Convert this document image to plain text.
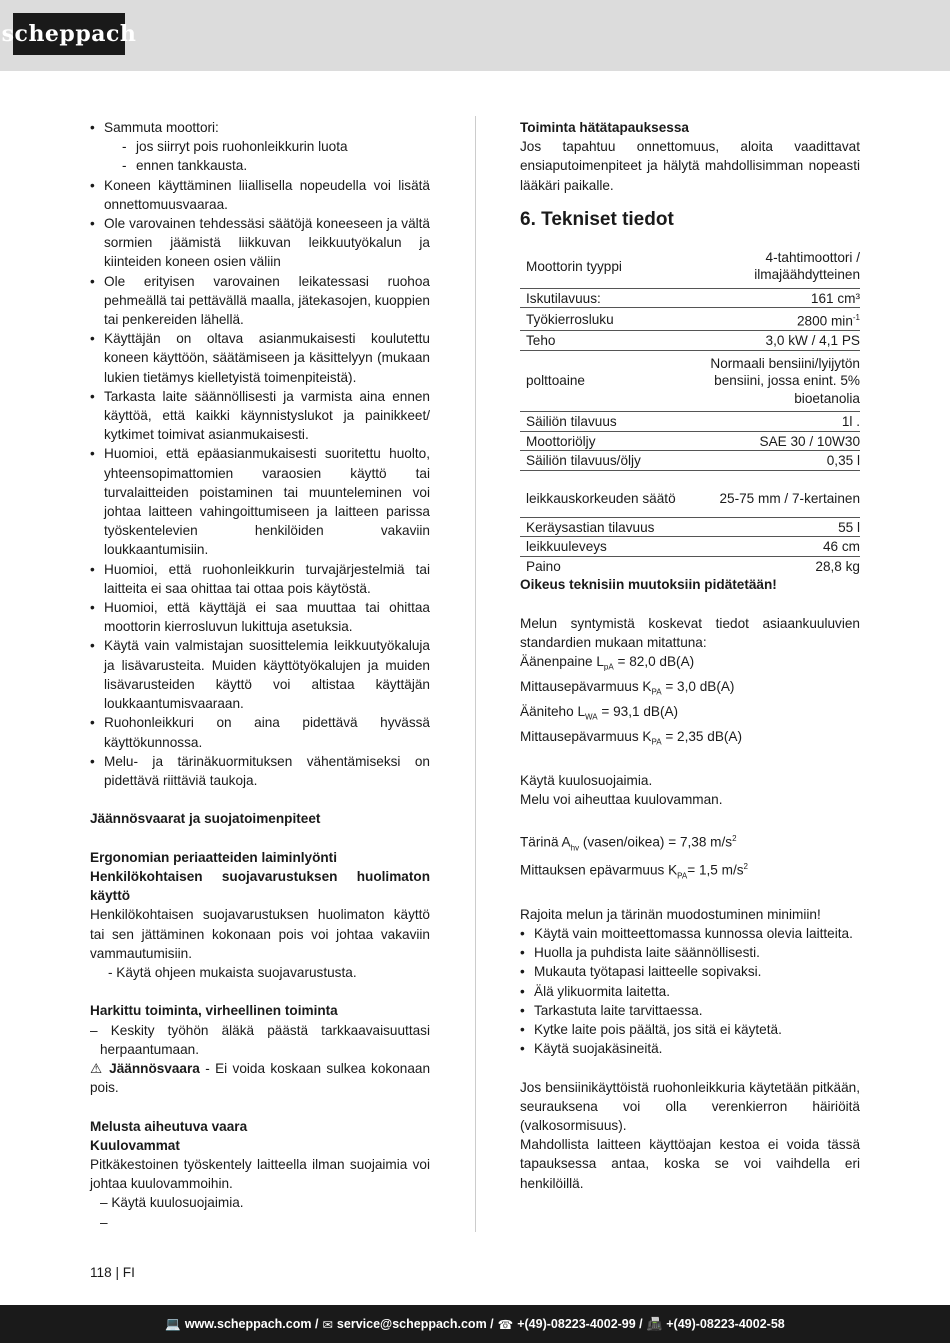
scheppach
• Sammuta moottori:
- jos siirryt pois ruohonleikkurin luota
- ennen tankkausta.
• Koneen käyttäminen liiallisella nopeudella voi lisätä onnettomuusvaaraa.
• Ole varovainen tehdessäsi säätöjä koneeseen ja vältä sormien jäämistä liikkuvan leikkuutyökalun ja kiinteiden koneen osien väliin
• Ole erityisen varovainen leikatessasi ruohoa pehmeällä tai pettävällä maalla, jätekasojen, kuoppien tai penkereiden lähellä.
• Käyttäjän on oltava asianmukaisesti koulutettu koneen käyttöön, säätämiseen ja käsittelyyn (mukaan lukien tietämys kielletyistä toimenpiteistä).
• Tarkasta laite säännöllisesti ja varmista aina ennen käyttöä, että kaikki käynnistyslukot ja painikkeet/ kytkimet toimivat asianmukaisesti.
• Huomioi, että epäasianmukaisesti suoritettu huolto, yhteensopimattomien varaosien käyttö tai turvalaitteiden poistaminen tai muunteleminen voi johtaa laitteen vahingoittumiseen ja laitteen parissa työskentelevien henkilöiden vakaviin loukkaantumisiin.
• Huomioi, että ruohonleikkurin turvajärjestelmiä tai laitteita ei saa ohittaa tai ottaa pois käytöstä.
• Huomioi, että käyttäjä ei saa muuttaa tai ohittaa moottorin kierrosluvun lukittuja asetuksia.
• Käytä vain valmistajan suosittelemia leikkuutyökaluja ja lisävarusteita. Muiden käyttötyökalujen ja muiden lisävarusteiden käyttö voi altistaa käyttäjän loukkaantumisvaaraan.
• Ruohonleikkuri on aina pidettävä hyvässä käyttökunnossa.
• Melu- ja tärinäkuormituksen vähentämiseksi on pidettävä riittäviä taukoja.

Jäännösvaarat ja suojatoimenpiteet

Ergonomian periaatteiden laiminlyönti

Henkilökohtaisen suojavarustuksen huolimaton käyttö

Henkilökohtaisen suojavarustuksen huolimaton käyttö tai sen jättäminen kokonaan pois voi johtaa vakaviin vammautumisiin.

- Käytä ohjeen mukaista suojavarustusta.

Harkittu toiminta, virheellinen toiminta

– Keskity työhön äläkä päästä tarkkaavaisuuttasi herpaantumaan.

⚠ Jäännösvaara - Ei voida koskaan sulkea kokonaan pois.

Melusta aiheutuva vaara

Kuulovammat

Pitkäkestoinen työskentely laitteella ilman suojaimia voi johtaa kuulovammoihin.

– Käytä kuulosuojaimia.

–

Toiminta hätätapauksessa

Jos tapahtuu onnettomuus, aloita vaadittavat ensiaputoimenpiteet ja hälytä mahdollisimman nopeasti lääkäri paikalle.

6. Tekniset tiedot
Moottorin tyyppi	4-tahtimoottori / ilmajäähdytteinen
Iskutilavuus:	161 cm³
Työkierrosluku	2800 $\min^{-1}$
Teho	3,0 kW / 4,1 PS
polttoaine	Normaali bensiini/lyijytön bensiini, jossa enint. 5% bioetanolia
Säiliön tilavuus	1l .
Moottoriöljy	SAE 30 / 10W30
Säiliön tilavuus/öljy	0,35 l
leikkauskorkeuden säätö	25-75 mm / 7-kertainen
Keräysastian tilavuus	55 l
leikkuuleveys	46 cm
Paino	28,8 kg

Oikeus teknisiin muutoksiin pidätetään!

Melun syntymistä koskevat tiedot asiaankuuluvien standardien mukaan mitattuna:

Äänenpaine $L_{pA} = 82,0$ dB(A)

Mittausepävarmuus $K_{PA} = 3,0$ dB(A)

Ääniteho $L_{WA} = 93,1$ dB(A)

Mittausepävarmuus $K_{PA} = 2,35$ dB(A)

Käytä kuulosuojaimia.

Melu voi aiheuttaa kuulovamman.

Tärinä $A_{hv}$ (vasen/oikea) = 7,38 $m/s^2$

Mittauksen epävarmuus $K_{PA}= 1,5$ $m/s^2$

Rajoita melun ja tärinän muodostuminen minimiin!

• Käytä vain moitteettomassa kunnossa olevia laitteita.
• Huolla ja puhdista laite säännöllisesti.
• Mukauta työtapasi laitteelle sopivaksi.
• Älä ylikuormita laitetta.
• Tarkastuta laite tarvittaessa.
• Kytke laite pois päältä, jos sitä ei käytetä.
• Käytä suojakäsineitä.

Jos bensiinikäyttöistä ruohonleikkuria käytetään pitkään, seurauksena voi olla verenkierron häiriöitä (valkosormisuus).

Mahdollista laitteen käyttöajan kestoa ei voida tässä tapauksessa antaa, koska se voi vaihdella eri henkilöillä.

118 | FI
💻 www.scheppach.com / ✉ service@scheppach.com / ☎ +(49)-08223-4002-99 / 📠 +(49)-08223-4002-58
